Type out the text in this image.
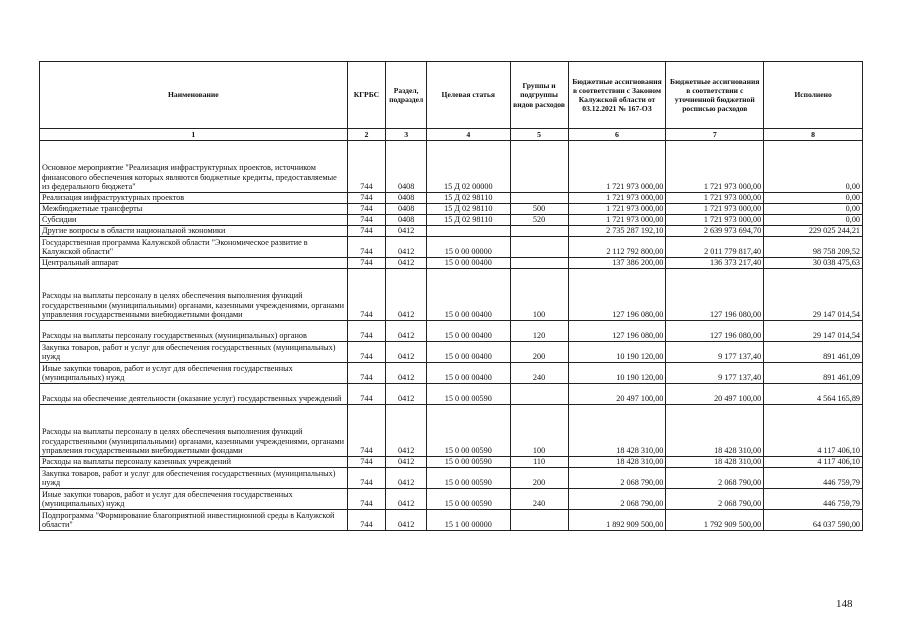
Наименование	КГРБС	Раздел, подраздел	Целевая статья	Группы и подгруппы видов расходов	Бюджетные ассигнования в соответствии с Законом Калужской области от 03.12.2021 № 167-ОЗ	Бюджетные ассигнования в соответствии с уточненной бюджетной росписью расходов	Исполнено
1	2	3	4	5	6	7	8
Основное мероприятие "Реализация инфраструктурных проектов, источником финансового обеспечения которых являются бюджетные кредиты, предоставляемые из федерального бюджета"	744	0408	15 Д 02 00000		1 721 973 000,00	1 721 973 000,00	0,00
Реализация инфраструктурных проектов	744	0408	15 Д 02 98110		1 721 973 000,00	1 721 973 000,00	0,00
Межбюджетные трансферты	744	0408	15 Д 02 98110	500	1 721 973 000,00	1 721 973 000,00	0,00
Субсидии	744	0408	15 Д 02 98110	520	1 721 973 000,00	1 721 973 000,00	0,00
Другие вопросы в области национальной экономики	744	0412			2 735 287 192,10	2 639 973 694,70	229 025 244,21
Государственная программа Калужской области "Экономическое развитие в Калужской области"	744	0412	15 0 00 00000		2 112 792 800,00	2 011 779 817,40	98 758 209,52
Центральный аппарат	744	0412	15 0 00 00400		137 386 200,00	136 373 217,40	30 038 475,63
Расходы на выплаты персоналу в целях обеспечения выполнения функций государственными (муниципальными) органами, казенными учреждениями, органами управления государственными внебюджетными фондами	744	0412	15 0 00 00400	100	127 196 080,00	127 196 080,00	29 147 014,54
Расходы на выплаты персоналу государственных (муниципальных) органов	744	0412	15 0 00 00400	120	127 196 080,00	127 196 080,00	29 147 014,54
Закупка товаров, работ и услуг для обеспечения государственных (муниципальных) нужд	744	0412	15 0 00 00400	200	10 190 120,00	9 177 137,40	891 461,09
Иные закупки товаров, работ и услуг для обеспечения государственных (муниципальных) нужд	744	0412	15 0 00 00400	240	10 190 120,00	9 177 137,40	891 461,09
Расходы на обеспечение деятельности (оказание услуг) государственных учреждений	744	0412	15 0 00 00590		20 497 100,00	20 497 100,00	4 564 165,89
Расходы на выплаты персоналу в целях обеспечения выполнения функций государственными (муниципальными) органами, казенными учреждениями, органами управления государственными внебюджетными фондами	744	0412	15 0 00 00590	100	18 428 310,00	18 428 310,00	4 117 406,10
Расходы на выплаты персоналу казенных учреждений	744	0412	15 0 00 00590	110	18 428 310,00	18 428 310,00	4 117 406,10
Закупка товаров, работ и услуг для обеспечения государственных (муниципальных) нужд	744	0412	15 0 00 00590	200	2 068 790,00	2 068 790,00	446 759,79
Иные закупки товаров, работ и услуг для обеспечения государственных (муниципальных) нужд	744	0412	15 0 00 00590	240	2 068 790,00	2 068 790,00	446 759,79
Подпрограмма "Формирование благоприятной инвестиционной среды в Калужской области"	744	0412	15 1 00 00000		1 892 909 500,00	1 792 909 500,00	64 037 590,00
148
